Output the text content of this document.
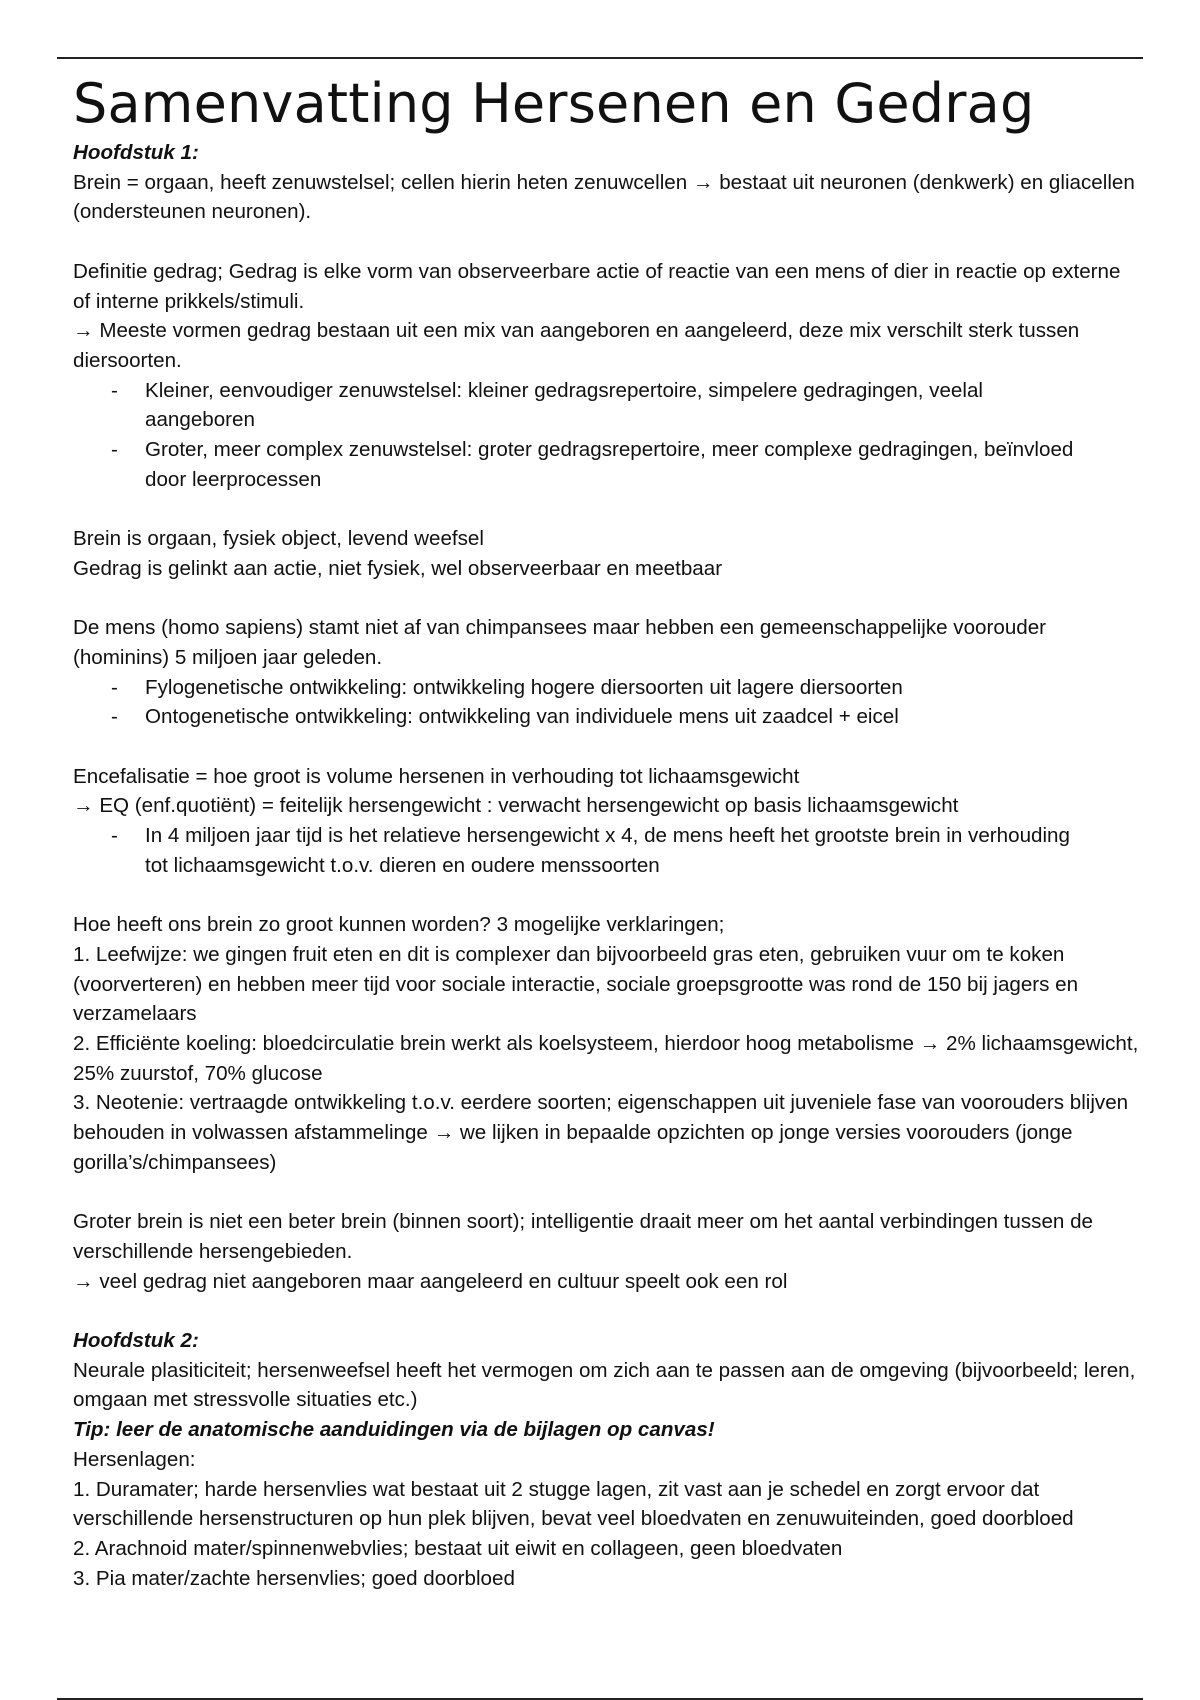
Samenvatting Hersenen en Gedrag
Hoofdstuk 1:
Brein = orgaan, heeft zenuwstelsel; cellen hierin heten zenuwcellen → bestaat uit neuronen (denkwerk) en gliacellen (ondersteunen neuronen).
Definitie gedrag; Gedrag is elke vorm van observeerbare actie of reactie van een mens of dier in reactie op externe of interne prikkels/stimuli.
→ Meeste vormen gedrag bestaan uit een mix van aangeboren en aangeleerd, deze mix verschilt sterk tussen diersoorten.
- Kleiner, eenvoudiger zenuwstelsel: kleiner gedragsrepertoire, simpelere gedragingen, veelal aangeboren
- Groter, meer complex zenuwstelsel: groter gedragsrepertoire, meer complexe gedragingen, beïnvloed door leerprocessen
Brein is orgaan, fysiek object, levend weefsel
Gedrag is gelinkt aan actie, niet fysiek, wel observeerbaar en meetbaar
De mens (homo sapiens) stamt niet af van chimpansees maar hebben een gemeenschappelijke voorouder (hominins) 5 miljoen jaar geleden.
- Fylogenetische ontwikkeling: ontwikkeling hogere diersoorten uit lagere diersoorten
- Ontogenetische ontwikkeling: ontwikkeling van individuele mens uit zaadcel + eicel
Encefalisatie = hoe groot is volume hersenen in verhouding tot lichaamsgewicht
→ EQ (enf.quotiënt) = feitelijk hersengewicht : verwacht hersengewicht op basis lichaamsgewicht
- In 4 miljoen jaar tijd is het relatieve hersengewicht x 4, de mens heeft het grootste brein in verhouding tot lichaamsgewicht t.o.v. dieren en oudere menssoorten
Hoe heeft ons brein zo groot kunnen worden? 3 mogelijke verklaringen;
1. Leefwijze: we gingen fruit eten en dit is complexer dan bijvoorbeeld gras eten, gebruiken vuur om te koken (voorverteren) en hebben meer tijd voor sociale interactie, sociale groepsgrootte was rond de 150 bij jagers en verzamelaars
2. Efficiënte koeling: bloedcirculatie brein werkt als koelsysteem, hierdoor hoog metabolisme → 2% lichaamsgewicht, 25% zuurstof, 70% glucose
3. Neotenie: vertraagde ontwikkeling t.o.v. eerdere soorten; eigenschappen uit juveniele fase van voorouders blijven behouden in volwassen afstammelinge → we lijken in bepaalde opzichten op jonge versies voorouders (jonge gorilla’s/chimpansees)
Groter brein is niet een beter brein (binnen soort); intelligentie draait meer om het aantal verbindingen tussen de verschillende hersengebieden.
→ veel gedrag niet aangeboren maar aangeleerd en cultuur speelt ook een rol
Hoofdstuk 2:
Neurale plasiticiteit; hersenweefsel heeft het vermogen om zich aan te passen aan de omgeving (bijvoorbeeld; leren, omgaan met stressvolle situaties etc.)
Tip: leer de anatomische aanduidingen via de bijlagen op canvas!
Hersenlagen:
1. Duramater; harde hersenvlies wat bestaat uit 2 stugge lagen, zit vast aan je schedel en zorgt ervoor dat verschillende hersenstructuren op hun plek blijven, bevat veel bloedvaten en zenuwuiteinden, goed doorbloed
2. Arachnoid mater/spinnenwebvlies; bestaat uit eiwit en collageen, geen bloedvaten
3. Pia mater/zachte hersenvlies; goed doorbloed
